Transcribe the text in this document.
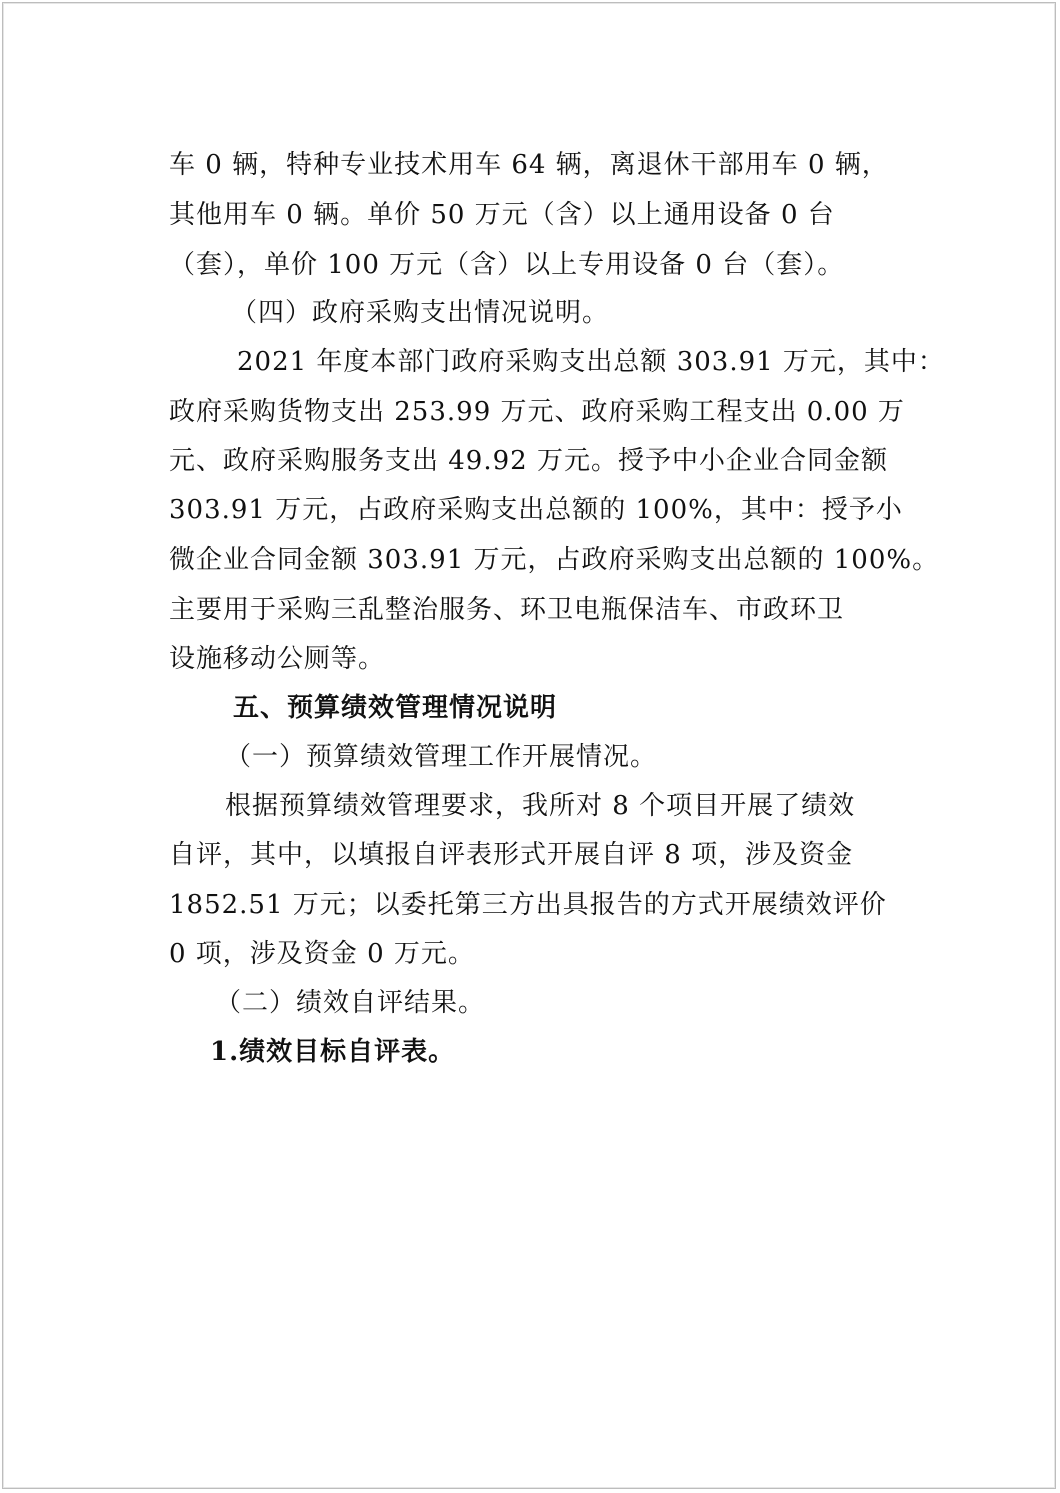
车 0 辆，特种专业技术用车 64 辆，离退休干部用车 0 辆，
其他用车 0 辆。单价 50 万元（含）以上通用设备 0 台
（套），单价 100 万元（含）以上专用设备 0 台（套）。
（四）政府采购支出情况说明。
2021 年度本部门政府采购支出总额 303.91 万元，其中：
政府采购货物支出 253.99 万元、政府采购工程支出 0.00 万
元、政府采购服务支出 49.92 万元。授予中小企业合同金额
303.91 万元，占政府采购支出总额的 100%，其中：授予小
微企业合同金额 303.91 万元，占政府采购支出总额的 100%。
主要用于采购三乱整治服务、环卫电瓶保洁车、市政环卫
设施移动公厕等。
五、预算绩效管理情况说明
（一）预算绩效管理工作开展情况。
根据预算绩效管理要求，我所对 8 个项目开展了绩效
自评，其中，以填报自评表形式开展自评 8 项，涉及资金
1852.51 万元；以委托第三方出具报告的方式开展绩效评价
0 项，涉及资金 0 万元。
（二）绩效自评结果。
1.绩效目标自评表。
